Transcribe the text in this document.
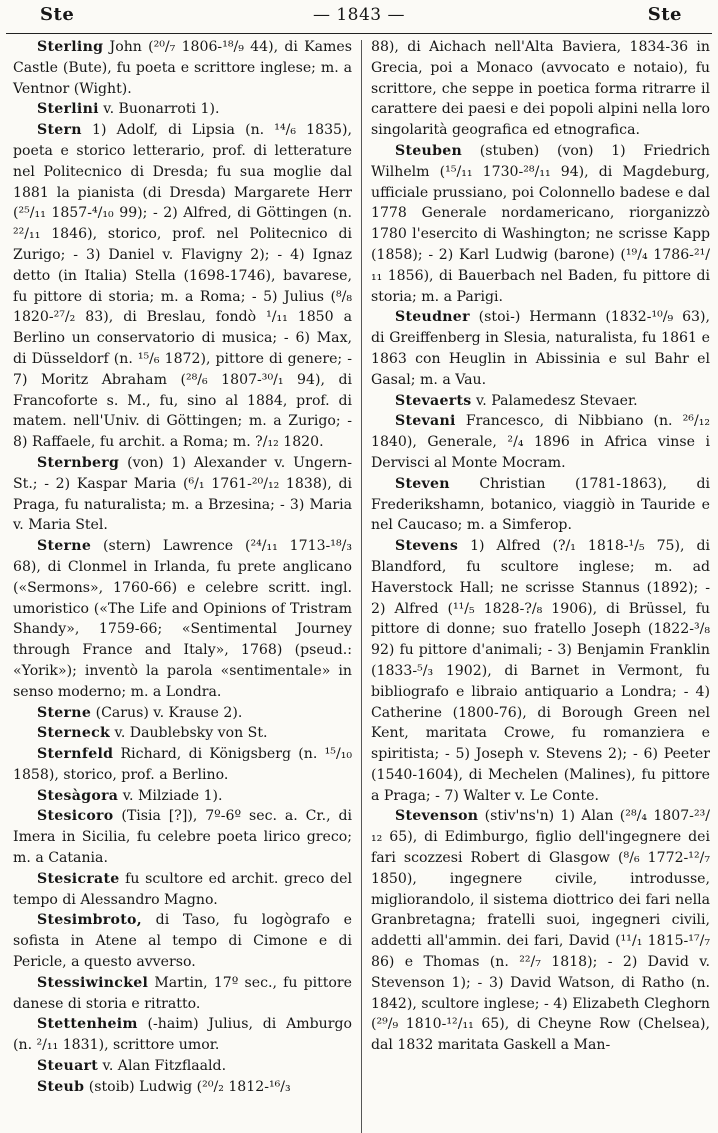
Ste	— 1843 —	Ste

Sterling John (²⁰/₇ 1806-¹⁸/₉ 44), di Kames Castle (Bute), fu poeta e scrittore inglese; m. a Ventnor (Wight).

Sterlini v. Buonarroti 1).

Stern 1) Adolf, di Lipsia (n. ¹⁴/₆ 1835), poeta e storico letterario, prof. di letterature nel Politecnico di Dresda; fu sua moglie dal 1881 la pianista (di Dresda) Margarete Herr (²⁵/₁₁ 1857-⁴/₁₀ 99); - 2) Alfred, di Göttingen (n. ²²/₁₁ 1846), storico, prof. nel Politecnico di Zurigo; - 3) Daniel v. Flavigny 2); - 4) Ignaz detto (in Italia) Stella (1698-1746), bavarese, fu pittore di storia; m. a Roma; - 5) Julius (⁸/₈ 1820-²⁷/₂ 83), di Breslau, fondò ¹/₁₁ 1850 a Berlino un conservatorio di musica; - 6) Max, di Düsseldorf (n. ¹⁵/₆ 1872), pittore di genere; - 7) Moritz Abraham (²⁸/₆ 1807-³⁰/₁ 94), di Francoforte s. M., fu, sino al 1884, prof. di matem. nell'Univ. di Göttingen; m. a Zurigo; - 8) Raffaele, fu archit. a Roma; m. ?/₁₂ 1820.

Sternberg (von) 1) Alexander v. Ungern-St.; - 2) Kaspar Maria (⁶/₁ 1761-²⁰/₁₂ 1838), di Praga, fu naturalista; m. a Brzesina; - 3) Maria v. Maria Stel.

Sterne (stern) Lawrence (²⁴/₁₁ 1713-¹⁸/₃ 68), di Clonmel in Irlanda, fu prete anglicano («Sermons», 1760-66) e celebre scritt. ingl. umoristico («The Life and Opinions of Tristram Shandy», 1759-66; «Sentimental Journey through France and Italy», 1768) (pseud.: «Yorik»); inventò la parola «sentimentale» in senso moderno; m. a Londra.

Sterne (Carus) v. Krause 2).

Sterneck v. Daublebsky von St.

Sternfeld Richard, di Königsberg (n. ¹⁵/₁₀ 1858), storico, prof. a Berlino.

Stesàgora v. Milziade 1).

Stesicoro (Tisia [?]), 7º-6º sec. a. Cr., di Imera in Sicilia, fu celebre poeta lirico greco; m. a Catania.

Stesicrate fu scultore ed archit. greco del tempo di Alessandro Magno.

Stesimbroto, di Taso, fu logògrafo e sofista in Atene al tempo di Cimone e di Pericle, a questo avverso.

Stessiwinckel Martin, 17º sec., fu pittore danese di storia e ritratto.

Stettenheim (-haim) Julius, di Amburgo (n. ²/₁₁ 1831), scrittore umor.

Steuart v. Alan Fitzflaald.

Steub (stoib) Ludwig (²⁰/₂ 1812-¹⁶/₃

88), di Aichach nell'Alta Baviera, 1834-36 in Grecia, poi a Monaco (avvocato e notaio), fu scrittore, che seppe in poetica forma ritrarre il carattere dei paesi e dei popoli alpini nella loro singolarità geografica ed etnografica.

Steuben (stuben) (von) 1) Friedrich Wilhelm (¹⁵/₁₁ 1730-²⁸/₁₁ 94), di Magdeburg, ufficiale prussiano, poi Colonnello badese e dal 1778 Generale nordamericano, riorganizzò 1780 l'esercito di Washington; ne scrisse Kapp (1858); - 2) Karl Ludwig (barone) (¹⁹/₄ 1786-²¹/₁₁ 1856), di Bauerbach nel Baden, fu pittore di storia; m. a Parigi.

Steudner (stoi-) Hermann (1832-¹⁰/₉ 63), di Greiffenberg in Slesia, naturalista, fu 1861 e 1863 con Heuglin in Abissinia e sul Bahr el Gasal; m. a Vau.

Stevaerts v. Palamedesz Stevaer.

Stevani Francesco, di Nibbiano (n. ²⁶/₁₂ 1840), Generale, ²/₄ 1896 in Africa vinse i Dervisci al Monte Mocram.

Steven Christian (1781-1863), di Frederikshamn, botanico, viaggiò in Tauride e nel Caucaso; m. a Simferop.

Stevens 1) Alfred (?/₁ 1818-¹/₅ 75), di Blandford, fu scultore inglese; m. ad Haverstock Hall; ne scrisse Stannus (1892); - 2) Alfred (¹¹/₅ 1828-?/₈ 1906), di Brüssel, fu pittore di donne; suo fratello Joseph (1822-³/₈ 92) fu pittore d'animali; - 3) Benjamin Franklin (1833-⁵/₃ 1902), di Barnet in Vermont, fu bibliografo e libraio antiquario a Londra; - 4) Catherine (1800-76), di Borough Green nel Kent, maritata Crowe, fu romanziera e spiritista; - 5) Joseph v. Stevens 2); - 6) Peeter (1540-1604), di Mechelen (Malines), fu pittore a Praga; - 7) Walter v. Le Conte.

Stevenson (stiv'ns'n) 1) Alan (²⁸/₄ 1807-²³/₁₂ 65), di Edimburgo, figlio dell'ingegnere dei fari scozzesi Robert di Glasgow (⁸/₆ 1772-¹²/₇ 1850), ingegnere civile, introdusse, migliorandolo, il sistema diottrico dei fari nella Granbretagna; fratelli suoi, ingegneri civili, addetti all'ammin. dei fari, David (¹¹/₁ 1815-¹⁷/₇ 86) e Thomas (n. ²²/₇ 1818); - 2) David v. Stevenson 1); - 3) David Watson, di Ratho (n. 1842), scultore inglese; - 4) Elizabeth Cleghorn (²⁹/₉ 1810-¹²/₁₁ 65), di Cheyne Row (Chelsea), dal 1832 maritata Gaskell a Man-
